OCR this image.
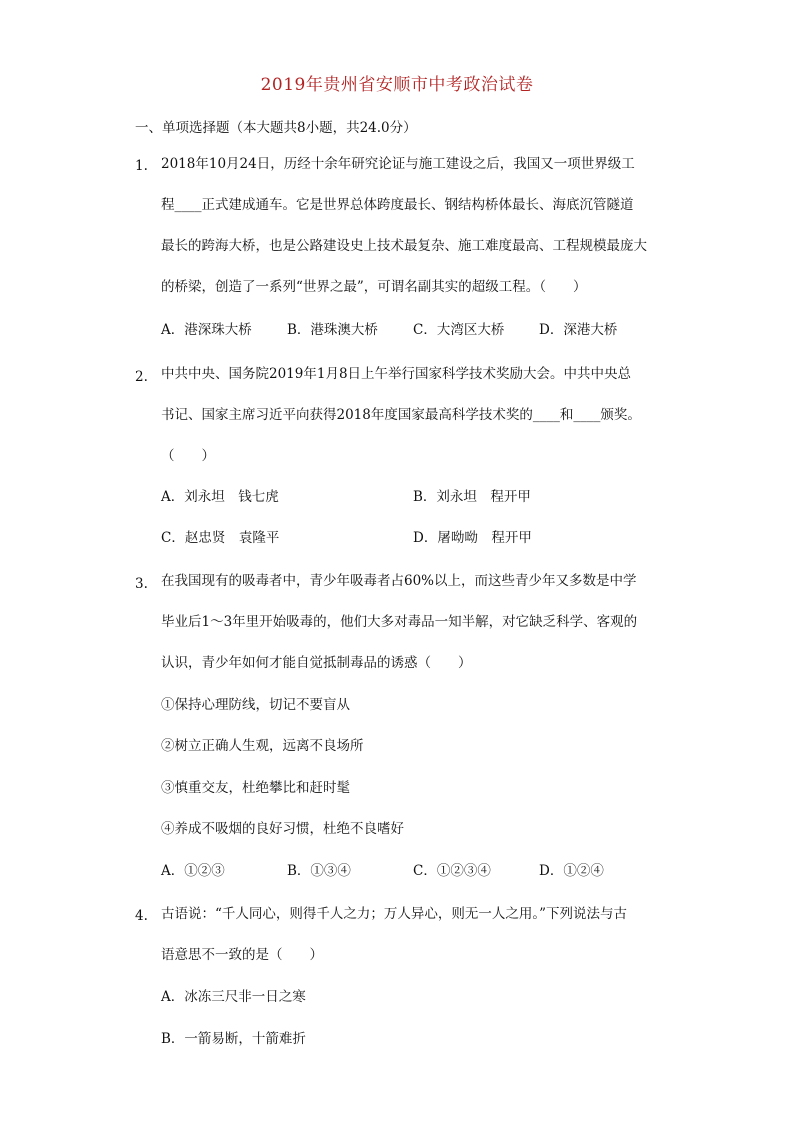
2019年贵州省安顺市中考政治试卷
一、单项选择题（本大题共8小题，共24.0分）
1. 2018年10月24日，历经十余年研究论证与施工建设之后，我国又一项世界级工
程____正式建成通车。它是世界总体跨度最长、钢结构桥体最长、海底沉管隧道
最长的跨海大桥，也是公路建设史上技术最复杂、施工难度最高、工程规模最庞大
的桥梁，创造了一系列“世界之最”，可谓名副其实的超级工程。（　　）
A．港深珠大桥	B．港珠澳大桥	C．大湾区大桥	D．深港大桥
2. 中共中央、国务院2019年1月8日上午举行国家科学技术奖励大会。中共中央总
书记、国家主席习近平向获得2018年度国家最高科学技术奖的____和____颁奖。
（　　）
A．刘永坦　钱七虎	B．刘永坦　程开甲
C．赵忠贤　袁隆平	D．屠呦呦　程开甲
3. 在我国现有的吸毒者中，青少年吸毒者占60%以上，而这些青少年又多数是中学
毕业后1～3年里开始吸毒的，他们大多对毒品一知半解，对它缺乏科学、客观的
认识，青少年如何才能自觉抵制毒品的诱惑（　　）
①保持心理防线，切记不要盲从
②树立正确人生观，远离不良场所
③慎重交友，杜绝攀比和赶时髦
④养成不吸烟的良好习惯，杜绝不良嗜好
A．①②③	B．①③④	C．①②③④	D．①②④
4. 古语说：“千人同心，则得千人之力；万人异心，则无一人之用。”下列说法与古
语意思不一致的是（　　）
A．冰冻三尺非一日之寒
B．一箭易断，十箭难折
